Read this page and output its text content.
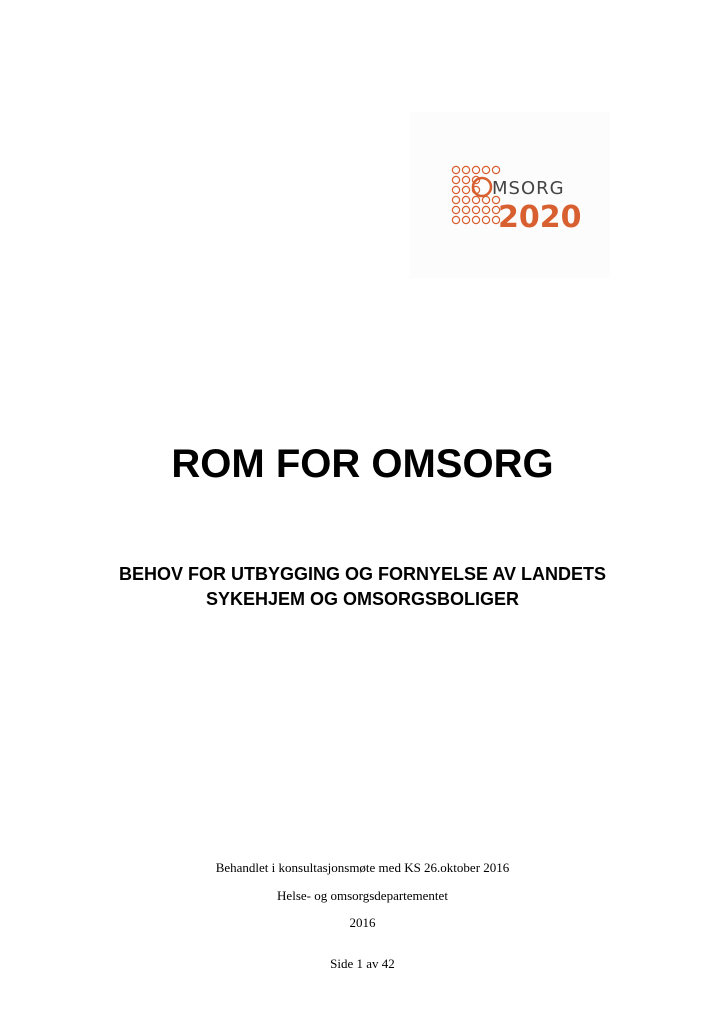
MSORG
2020
ROM FOR OMSORG
BEHOV FOR UTBYGGING OG FORNYELSE AV LANDETS
SYKEHJEM OG OMSORGSBOLIGER
Behandlet i konsultasjonsmøte med KS 26.oktober 2016
Helse- og omsorgsdepartementet
2016
Side 1 av 42
